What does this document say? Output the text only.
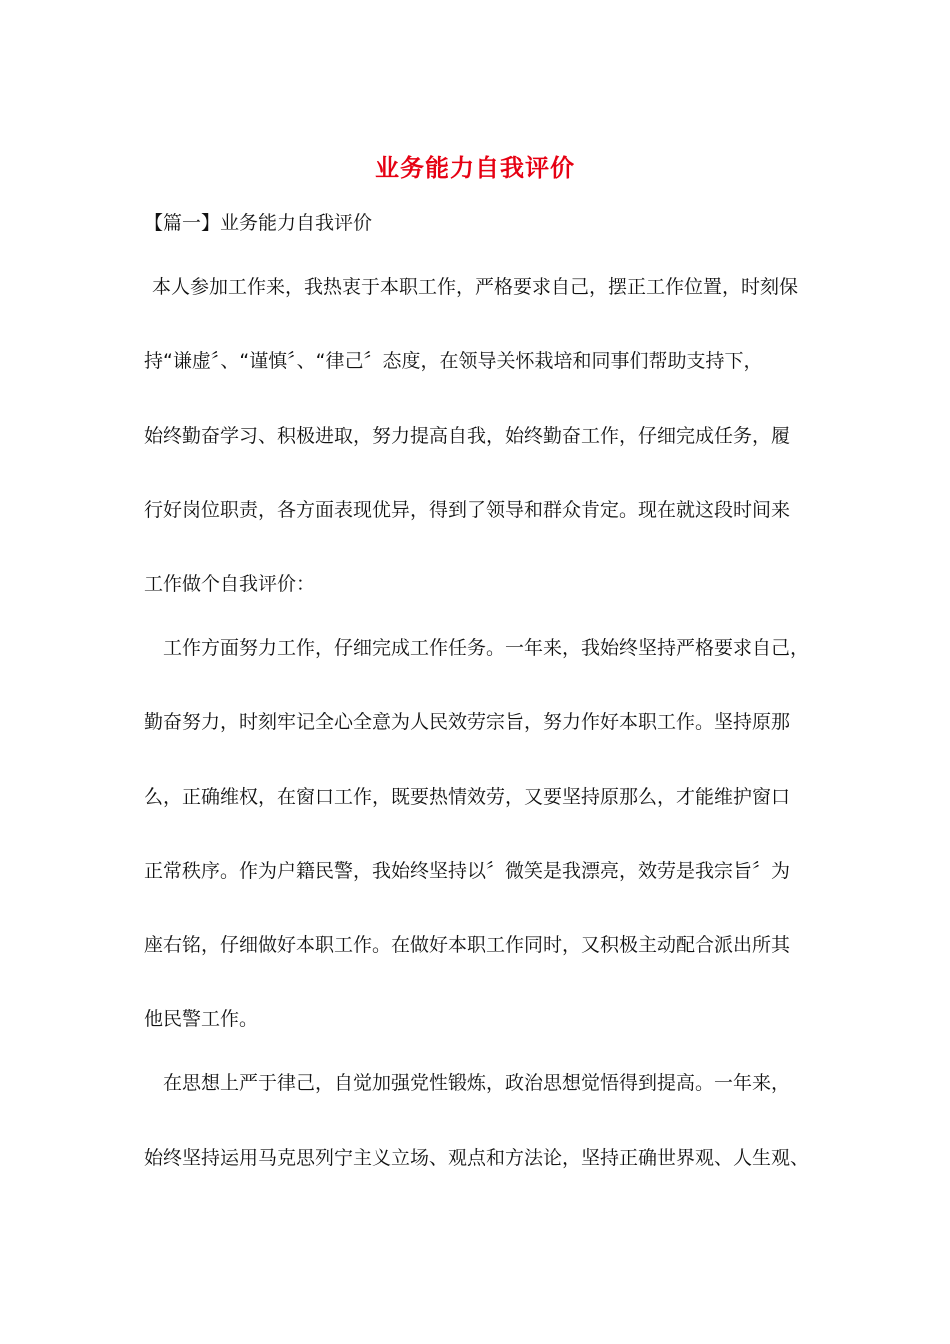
业务能力自我评价
【篇一】业务能力自我评价
本人参加工作来，我热衷于本职工作，严格要求自己，摆正工作位置，时刻保
持“谦虚〞、“谨慎〞、“律己〞态度，在领导关怀栽培和同事们帮助支持下，
始终勤奋学习、积极进取，努力提高自我，始终勤奋工作，仔细完成任务，履
行好岗位职责，各方面表现优异，得到了领导和群众肯定。现在就这段时间来
工作做个自我评价：
工作方面努力工作，仔细完成工作任务。一年来，我始终坚持严格要求自己，
勤奋努力，时刻牢记全心全意为人民效劳宗旨，努力作好本职工作。坚持原那
么，正确维权，在窗口工作，既要热情效劳，又要坚持原那么，才能维护窗口
正常秩序。作为户籍民警，我始终坚持以〞微笑是我漂亮，效劳是我宗旨〞为
座右铭，仔细做好本职工作。在做好本职工作同时，又积极主动配合派出所其
他民警工作。
在思想上严于律己，自觉加强党性锻炼，政治思想觉悟得到提高。一年来，
始终坚持运用马克思列宁主义立场、观点和方法论，坚持正确世界观、人生观、
